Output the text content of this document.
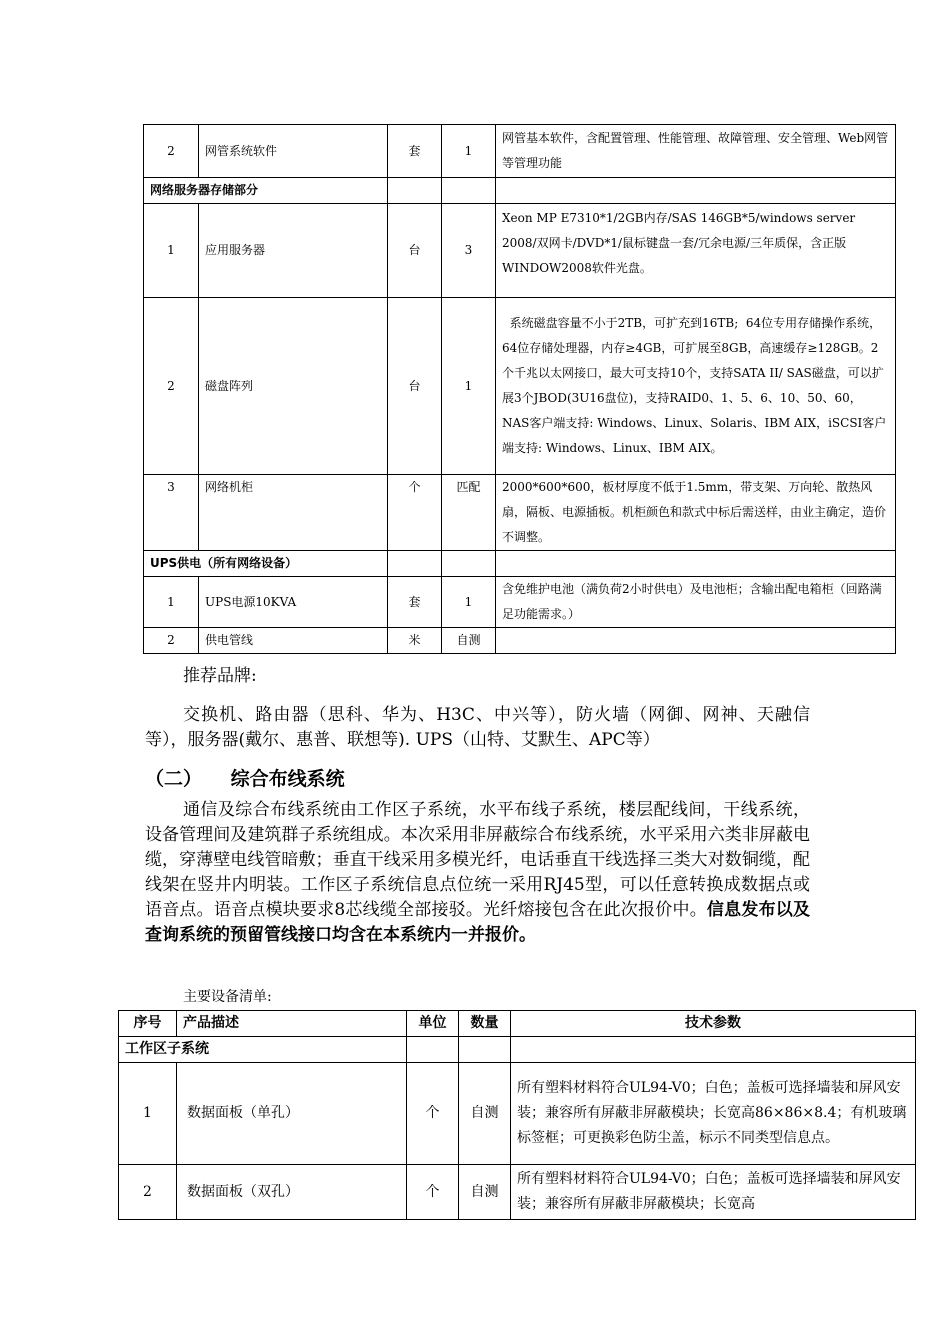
2	网管系统软件	套	1	网管基本软件，含配置管理、性能管理、故障管理、安全管理、Web网管等管理功能
网络服务器存储部分				
1	应用服务器	台	3	Xeon MP E7310*1/2GB内存/SAS 146GB*5/windows server 2008/双网卡/DVD*1/鼠标键盘一套/冗余电源/三年质保，含正版WINDOW2008软件光盘。
2	磁盘阵列	台	1	系统磁盘容量不小于2TB，可扩充到16TB;  64位专用存储操作系统，64位存储处理器，内存≥4GB，可扩展至8GB，高速缓存≥128GB。2个千兆以太网接口，最大可支持10个，支持SATA II/ SAS磁盘，可以扩展3个JBOD(3U16盘位)，支持RAID0、1、5、6、10、50、60，NAS客户端支持: Windows、Linux、Solaris、IBM AIX，iSCSI客户端支持: Windows、Linux、IBM AIX。
3	网络机柜	个	匹配	2000*600*600，板材厚度不低于1.5mm，带支架、万向轮、散热风扇，隔板、电源插板。机柜颜色和款式中标后需送样，由业主确定，造价不调整。
UPS供电（所有网络设备）				
1	UPS电源10KVA	套	1	含免维护电池（满负荷2小时供电）及电池柜；含输出配电箱柜（回路满足功能需求。）
2	供电管线	米	自测	
推荐品牌:
交换机、路由器（思科、华为、H3C、中兴等），防火墙（网御、网神、天融信等），服务器(戴尔、惠普、联想等). UPS（山特、艾默生、APC等）
（二） 综合布线系统
通信及综合布线系统由工作区子系统，水平布线子系统，楼层配线间，干线系统，设备管理间及建筑群子系统组成。本次采用非屏蔽综合布线系统，水平采用六类非屏蔽电缆，穿薄壁电线管暗敷；垂直干线采用多模光纤，电话垂直干线选择三类大对数铜缆，配线架在竖井内明装。工作区子系统信息点位统一采用RJ45型，可以任意转换成数据点或语音点。语音点模块要求8芯线缆全部接驳。光纤熔接包含在此次报价中。信息发布以及查询系统的预留管线接口均含在本系统内一并报价。
主要设备清单:
序号	产品描述	单位	数量	技术参数
工作区子系统				
1	数据面板（单孔）	个	自测	所有塑料材料符合UL94-V0；白色；盖板可选择墙装和屏风安装；兼容所有屏蔽非屏蔽模块；长宽高86×86×8.4；有机玻璃标签框；可更换彩色防尘盖，标示不同类型信息点。
2	数据面板（双孔）	个	自测	所有塑料材料符合UL94-V0；白色；盖板可选择墙装和屏风安装；兼容所有屏蔽非屏蔽模块；长宽高
